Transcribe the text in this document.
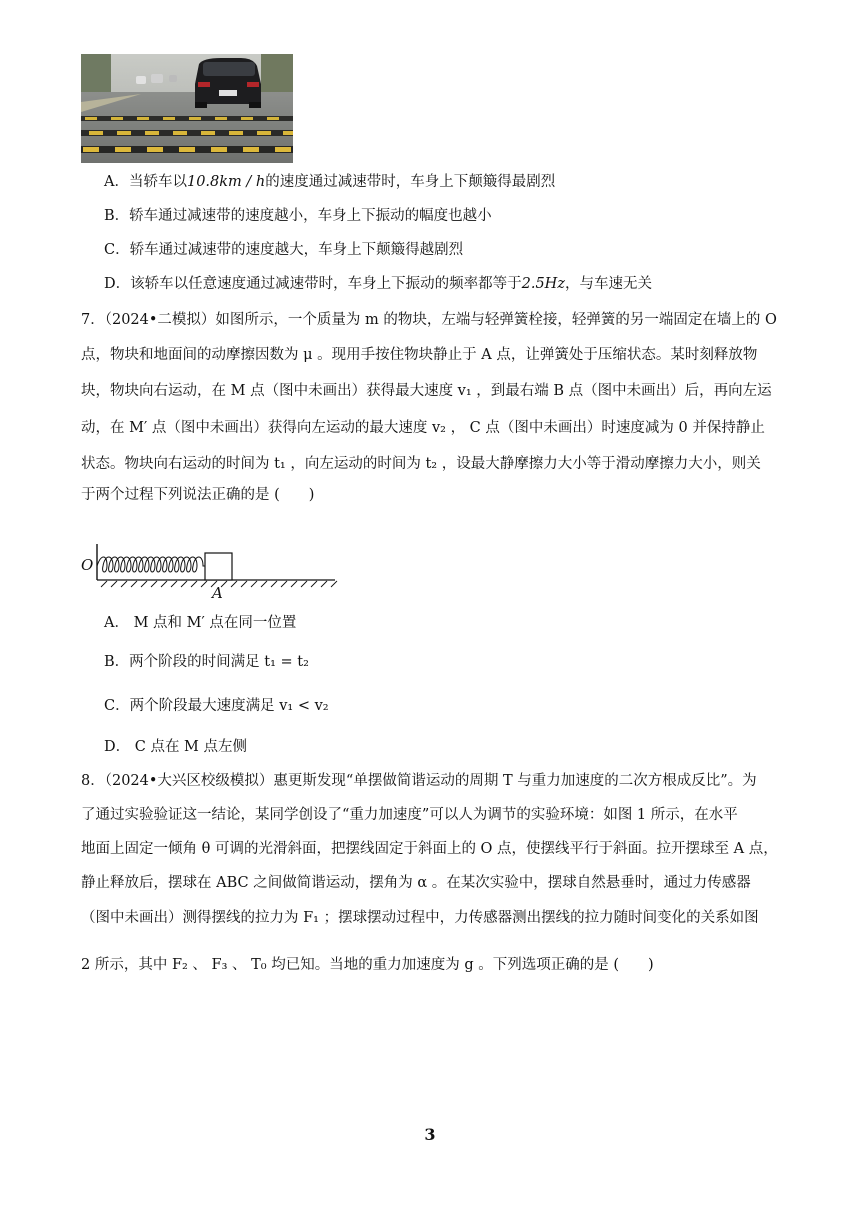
A．当轿车以10.8km / h的速度通过减速带时，车身上下颠簸得最剧烈
B．轿车通过减速带的速度越小，车身上下振动的幅度也越小
C．轿车通过减速带的速度越大，车身上下颠簸得越剧烈
D．该轿车以任意速度通过减速带时，车身上下振动的频率都等于2.5Hz，与车速无关
7．（2024•二模拟）如图所示，一个质量为 m 的物块，左端与轻弹簧栓接，轻弹簧的另一端固定在墙上的 O
点，物块和地面间的动摩擦因数为 μ 。现用手按住物块静止于 A 点，让弹簧处于压缩状态。某时刻释放物
块，物块向右运动，在 M 点（图中未画出）获得最大速度 v₁ ，到最右端 B 点（图中未画出）后，再向左运
动，在 M′ 点（图中未画出）获得向左运动的最大速度 v₂ ， C 点（图中未画出）时速度减为 0 并保持静止
状态。物块向右运动的时间为 t₁ ，向左运动的时间为 t₂ ，设最大静摩擦力大小等于滑动摩擦力大小，则关
于两个过程下列说法正确的是 (　　)
O
A
A． M 点和 M′ 点在同一位置
B．两个阶段的时间满足 t₁ = t₂
C．两个阶段最大速度满足 v₁ < v₂
D． C 点在 M 点左侧
8．（2024•大兴区校级模拟）惠更斯发现“单摆做简谐运动的周期 T 与重力加速度的二次方根成反比”。为
了通过实验验证这一结论，某同学创设了“重力加速度”可以人为调节的实验环境：如图 1 所示，在水平
地面上固定一倾角 θ 可调的光滑斜面，把摆线固定于斜面上的 O 点，使摆线平行于斜面。拉开摆球至 A 点，
静止释放后，摆球在 ABC 之间做简谐运动，摆角为 α 。在某次实验中，摆球自然悬垂时，通过力传感器
（图中未画出）测得摆线的拉力为 F₁ ；摆球摆动过程中，力传感器测出摆线的拉力随时间变化的关系如图
2 所示，其中 F₂ 、 F₃ 、 T₀ 均已知。当地的重力加速度为 g 。下列选项正确的是 (　　)
3
